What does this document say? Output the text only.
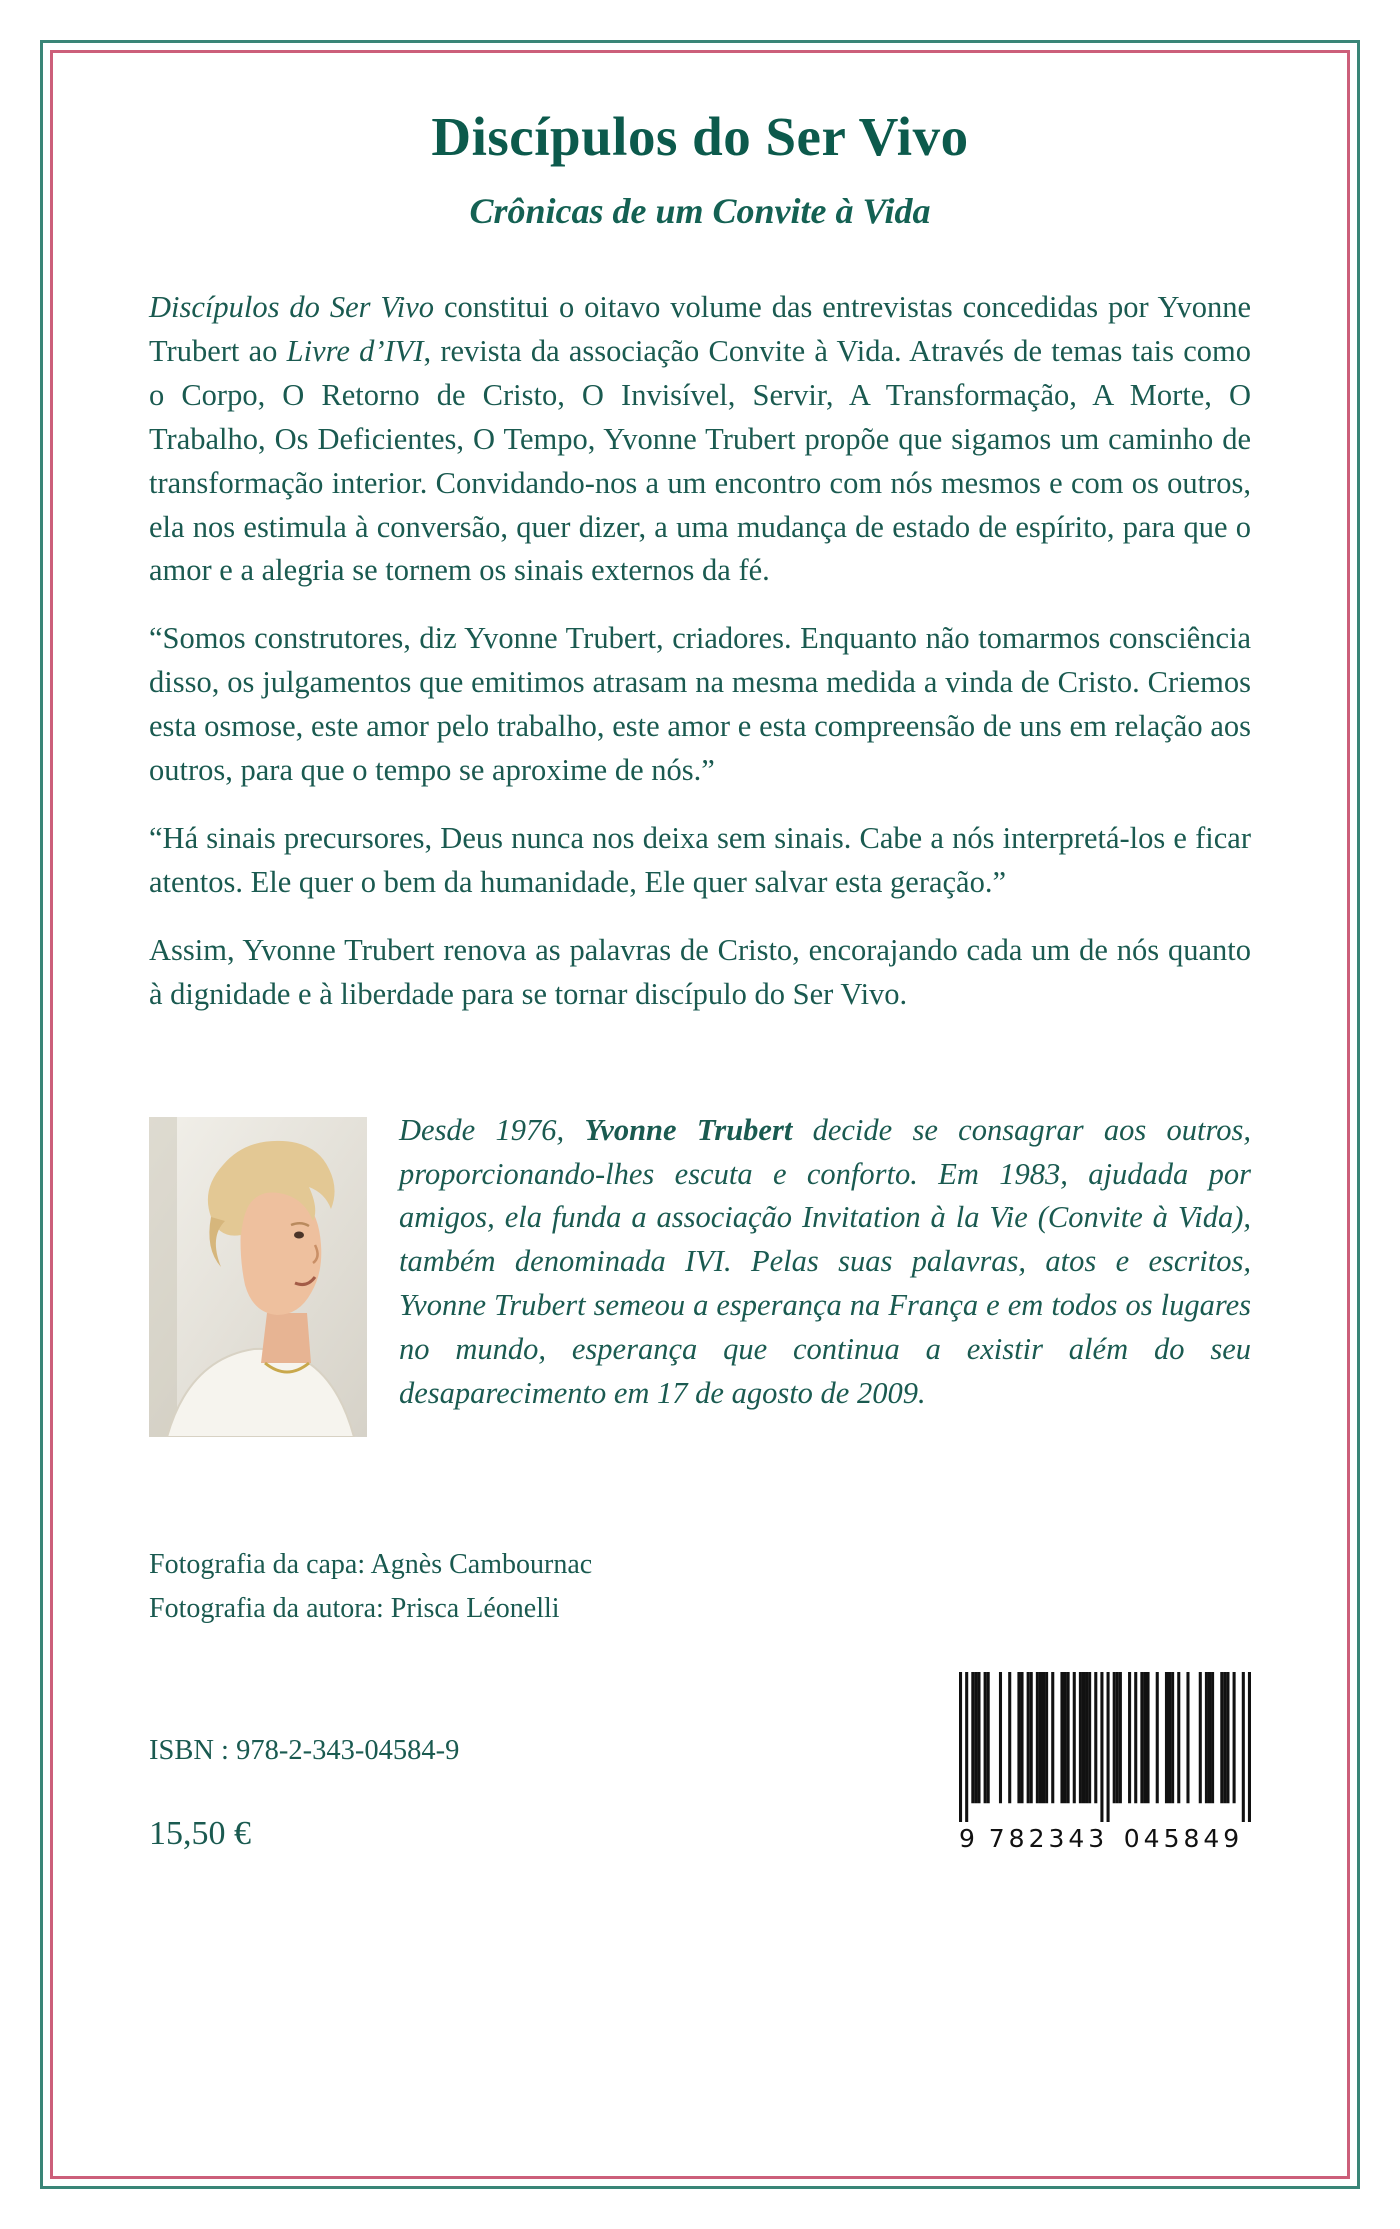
Discípulos do Ser Vivo
Crônicas de um Convite à Vida

Discípulos do Ser Vivo constitui o oitavo volume das entrevistas concedidas por Yvonne Trubert ao Livre d’IVI, revista da associação Convite à Vida. Através de temas tais como o Corpo, O Retorno de Cristo, O Invisível, Servir, A Transformação, A Morte, O Trabalho, Os Deficientes, O Tempo, Yvonne Trubert propõe que sigamos um caminho de transformação interior. Convidando-nos a um encontro com nós mesmos e com os outros, ela nos estimula à conversão, quer dizer, a uma mudança de estado de espírito, para que o amor e a alegria se tornem os sinais externos da fé.

“Somos construtores, diz Yvonne Trubert, criadores. Enquanto não tomarmos consciência disso, os julgamentos que emitimos atrasam na mesma medida a vinda de Cristo. Criemos esta osmose, este amor pelo trabalho, este amor e esta compreensão de uns em relação aos outros, para que o tempo se aproxime de nós.”

“Há sinais precursores, Deus nunca nos deixa sem sinais. Cabe a nós interpretá-los e ficar atentos. Ele quer o bem da humanidade, Ele quer salvar esta geração.”

Assim, Yvonne Trubert renova as palavras de Cristo, encorajando cada um de nós quanto à dignidade e à liberdade para se tornar discípulo do Ser Vivo.

Desde 1976, Yvonne Trubert decide se consagrar aos outros, proporcionando-lhes escuta e conforto. Em 1983, ajudada por amigos, ela funda a associação Invitation à la Vie (Convite à Vida), também denominada IVI. Pelas suas palavras, atos e escritos, Yvonne Trubert semeou a esperança na França e em todos os lugares no mundo, esperança que continua a existir além do seu desaparecimento em 17 de agosto de 2009.

Fotografia da capa: Agnès Cambournac
Fotografia da autora: Prisca Léonelli
ISBN : 978-2-343-04584-9
15,50 €	9 782343 045849
